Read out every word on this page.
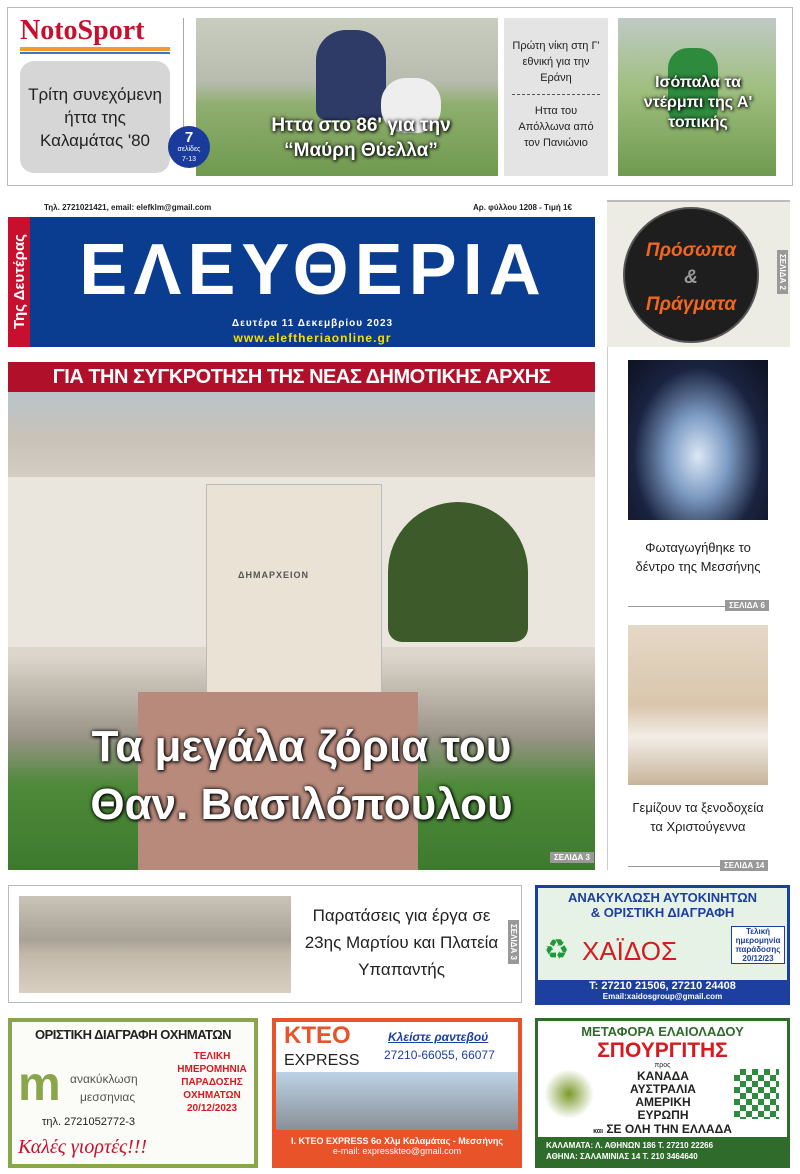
NotoSport
Τρίτη συνεχόμενη ήττα της Καλαμάτας '80	7
σελίδες
7-13
Ηττα στο 86' για την “Μαύρη Θύελλα”
Πρώτη νίκη στη Γ' εθνική για την Εράνη
Ηττα του Απόλλωνα από τον Πανιώνιο
Ισόπαλα τα ντέρμπι της Α' τοπικής
Τηλ. 2721021421, email: elefklm@gmail.com	Αρ. φύλλου 1208 - Τιμή 1€
Της Δευτέρας ΕΛΕΥΘΕΡΙΑ
Δευτέρα 11 Δεκεμβρίου 2023
www.eleftheriaonline.gr
Πρόσωπα
&
Πράγματα
ΣΕΛΙΔΑ 2
ΓΙΑ ΤΗΝ ΣΥΓΚΡΟΤΗΣΗ ΤΗΣ ΝΕΑΣ ΔΗΜΟΤΙΚΗΣ ΑΡΧΗΣ
ΔΗΜΑΡΧΕΙΟΝ
Τα μεγάλα ζόρια του
Θαν. Βασιλόπουλου
ΣΕΛΙΔΑ 3
Φωταγωγήθηκε το δέντρο της Μεσσήνης
ΣΕΛΙΔΑ 6
Γεμίζουν τα ξενοδοχεία τα Χριστούγεννα
ΣΕΛΙΔΑ 14
Παρατάσεις για έργα σε 23ης Μαρτίου και Πλατεία Υπαπαντής
ΣΕΛΙΔΑ 3
ΑΝΑΚΥΚΛΩΣΗ ΑΥΤΟΚΙΝΗΤΩΝ
& ΟΡΙΣΤΙΚΗ ΔΙΑΓΡΑΦΗ
♻ ΧΑΪΔΟΣ
Τελική ημερομηνία παράδοσης 20/12/23
Τ: 27210 21506, 27210 24408
Email:xaidosgroup@gmail.com
ΟΡΙΣΤΙΚΗ ΔΙΑΓΡΑΦΗ ΟΧΗΜΑΤΩΝ
m ανακύκλωση
μεσσηνιας
ΤΕΛΙΚΗ ΗΜΕΡΟΜΗΝΙΑ ΠΑΡΑΔΟΣΗΣ ΟΧΗΜΑΤΩΝ 20/12/2023
τηλ. 2721052772-3
Καλές γιορτές!!!
ΚΤΕΟ
EXPRESS
Κλείστε ραντεβού
27210-66055, 66077
Ι. ΚΤΕΟ EXPRESS 6ο Χλμ Καλαμάτας - Μεσσήνης
e-mail: expresskteo@gmail.com
ΜΕΤΑΦΟΡΑ ΕΛΑΙΟΛΑΔΟΥ
ΣΠΟΥΡΓΙΤΗΣ
προς
ΚΑΝΑΔΑ
ΑΥΣΤΡΑΛΙΑ
ΑΜΕΡΙΚΗ
ΕΥΡΩΠΗ
και ΣΕ ΟΛΗ ΤΗΝ ΕΛΛΑΔΑ
ΚΑΛΑΜΑΤΑ: Λ. ΑΘΗΝΩΝ 186 Τ. 27210 22266
ΑΘΗΝΑ: ΣΑΛΑΜΙΝΙΑΣ 14 Τ. 210 3464640
